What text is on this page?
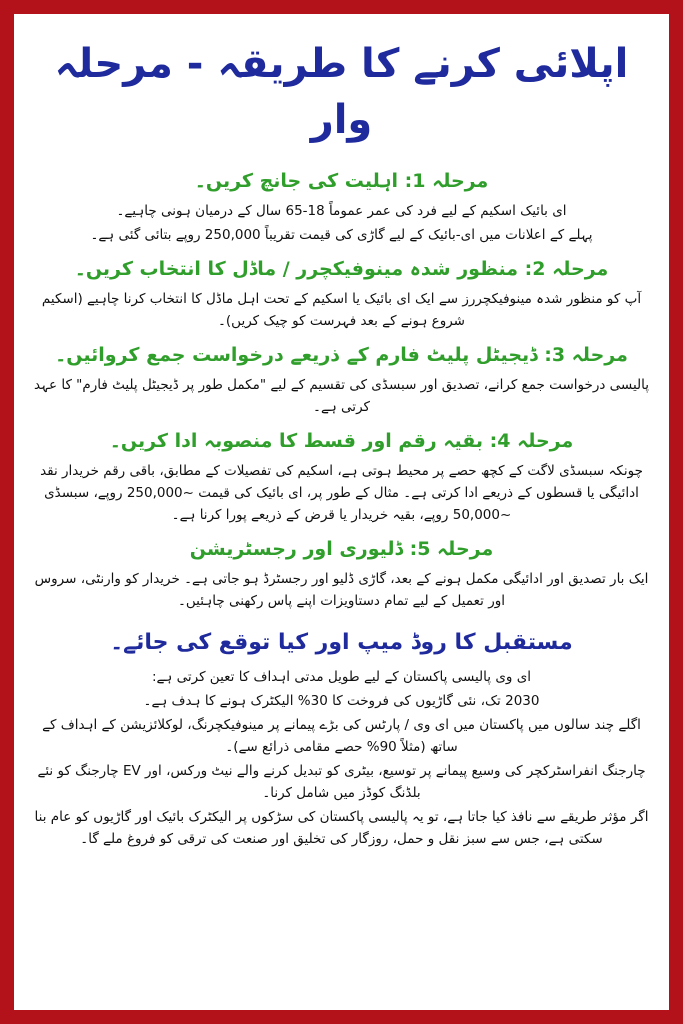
اپلائی کرنے کا طریقہ - مرحلہ وار
مرحلہ 1: اہلیت کی جانچ کریں۔

ای بائیک اسکیم کے لیے فرد کی عمر عموماً 18-65 سال کے درمیان ہونی چاہیے۔

پہلے کے اعلانات میں ای-بائیک کے لیے گاڑی کی قیمت تقریباً 250,000 روپے بتائی گئی ہے۔

مرحلہ 2: منظور شدہ مینوفیکچرر / ماڈل کا انتخاب کریں۔

آپ کو منظور شدہ مینوفیکچررز سے ایک ای بائیک یا اسکیم کے تحت اہل ماڈل کا انتخاب کرنا چاہیے (اسکیم شروع ہونے کے بعد فہرست کو چیک کریں)۔

مرحلہ 3: ڈیجیٹل پلیٹ فارم کے ذریعے درخواست جمع کروائیں۔

پالیسی درخواست جمع کرانے، تصدیق اور سبسڈی کی تقسیم کے لیے "مکمل طور پر ڈیجیٹل پلیٹ فارم" کا عہد کرتی ہے۔

مرحلہ 4: بقیہ رقم اور قسط کا منصوبہ ادا کریں۔

چونکہ سبسڈی لاگت کے کچھ حصے پر محیط ہوتی ہے، اسکیم کی تفصیلات کے مطابق، باقی رقم خریدار نقد ادائیگی یا قسطوں کے ذریعے ادا کرتی ہے۔ مثال کے طور پر، ای بائیک کی قیمت ~250,000 روپے، سبسڈی ~50,000 روپے، بقیہ خریدار یا قرض کے ذریعے پورا کرنا ہے۔

مرحلہ 5: ڈلیوری اور رجسٹریشن

ایک بار تصدیق اور ادائیگی مکمل ہونے کے بعد، گاڑی ڈلیو اور رجسٹرڈ ہو جاتی ہے۔ خریدار کو وارنٹی، سروس اور تعمیل کے لیے تمام دستاویزات اپنے پاس رکھنی چاہئیں۔

مستقبل کا روڈ میپ اور کیا توقع کی جائے۔

ای وی پالیسی پاکستان کے لیے طویل مدتی اہداف کا تعین کرتی ہے:

2030 تک، نئی گاڑیوں کی فروخت کا 30% الیکٹرک ہونے کا ہدف ہے۔

اگلے چند سالوں میں پاکستان میں ای وی / پارٹس کی بڑے پیمانے پر مینوفیکچرنگ، لوکلائزیشن کے اہداف کے ساتھ (مثلاً 90% حصے مقامی ذرائع سے)۔

چارجنگ انفراسٹرکچر کی وسیع پیمانے پر توسیع، بیٹری کو تبدیل کرنے والے نیٹ ورکس، اور EV چارجنگ کو نئے بلڈنگ کوڈز میں شامل کرنا۔

اگر مؤثر طریقے سے نافذ کیا جاتا ہے، تو یہ پالیسی پاکستان کی سڑکوں پر الیکٹرک بائیک اور گاڑیوں کو عام بنا سکتی ہے، جس سے سبز نقل و حمل، روزگار کی تخلیق اور صنعت کی ترقی کو فروغ ملے گا۔
